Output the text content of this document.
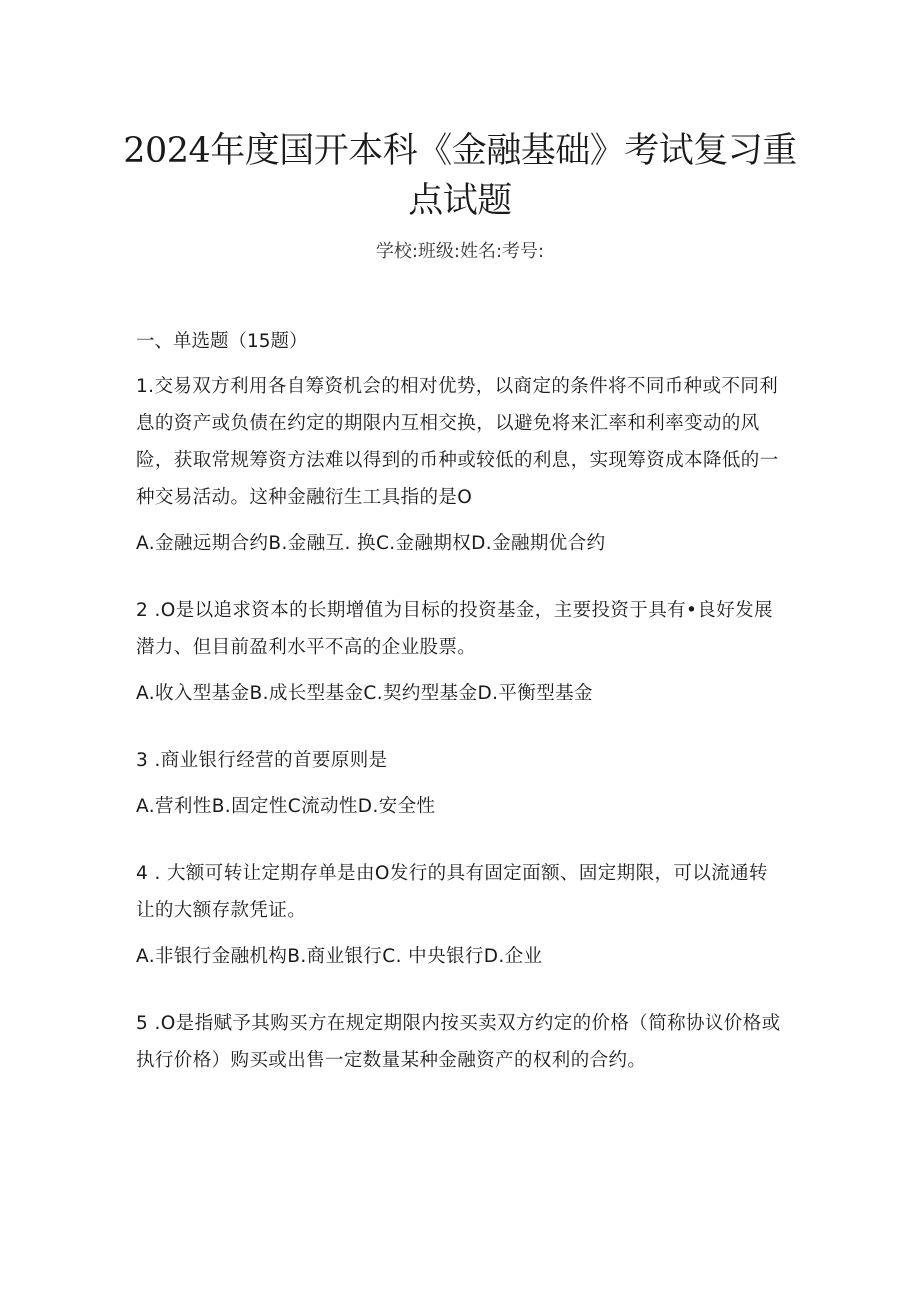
2024年度国开本科《金融基础》考试复习重
点试题
学校:班级:姓名:考号:

一、单选题（15题）

1.交易双方利用各自筹资机会的相对优势，以商定的条件将不同币种或不同利息的资产或负债在约定的期限内互相交换，以避免将来汇率和利率变动的风险，获取常规筹资方法难以得到的币种或较低的利息，实现筹资成本降低的一种交易活动。这种金融衍生工具指的是O

A.金融远期合约B.金融互. 换C.金融期权D.金融期优合约

2 .O是以追求资本的长期增值为目标的投资基金，主要投资于具有•良好发展潜力、但目前盈利水平不高的企业股票。

A.收入型基金B.成长型基金C.契约型基金D.平衡型基金

3 .商业银行经营的首要原则是

A.营利性B.固定性C流动性D.安全性

4 . 大额可转让定期存单是由O发行的具有固定面额、固定期限，可以流通转让的大额存款凭证。

A.非银行金融机构B.商业银行C. 中央银行D.企业

5 .O是指赋予其购买方在规定期限内按买卖双方约定的价格（简称协议价格或执行价格）购买或出售一定数量某种金融资产的权利的合约。
